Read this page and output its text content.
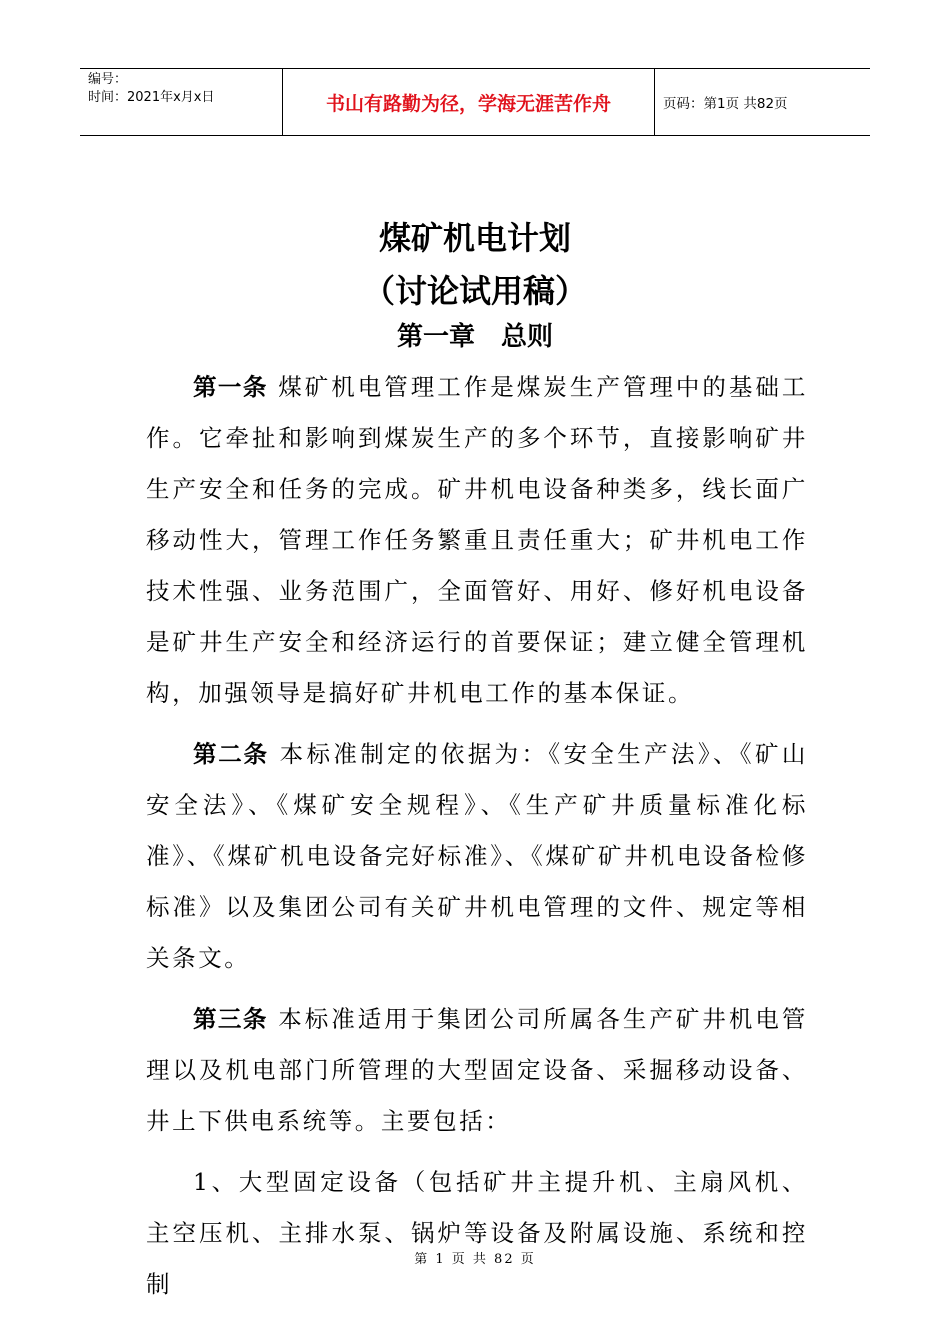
编号：
时间：2021年x月x日	书山有路勤为径，学海无涯苦作舟	页码：第1页 共82页
煤矿机电计划
（讨论试用稿）
第一章　总则

第一条 煤矿机电管理工作是煤炭生产管理中的基础工作。它牵扯和影响到煤炭生产的多个环节，直接影响矿井生产安全和任务的完成。矿井机电设备种类多，线长面广移动性大，管理工作任务繁重且责任重大；矿井机电工作技术性强、业务范围广，全面管好、用好、修好机电设备是矿井生产安全和经济运行的首要保证；建立健全管理机构，加强领导是搞好矿井机电工作的基本保证。

第二条 本标准制定的依据为：《安全生产法》、《矿山安全法》、《煤矿安全规程》、《生产矿井质量标准化标准》、《煤矿机电设备完好标准》、《煤矿矿井机电设备检修标准》以及集团公司有关矿井机电管理的文件、规定等相关条文。

第三条 本标准适用于集团公司所属各生产矿井机电管理以及机电部门所管理的大型固定设备、采掘移动设备、井上下供电系统等。主要包括：

1、大型固定设备（包括矿井主提升机、主扇风机、主空压机、主排水泵、锅炉等设备及附属设施、系统和控制

第 1 页 共 82 页
